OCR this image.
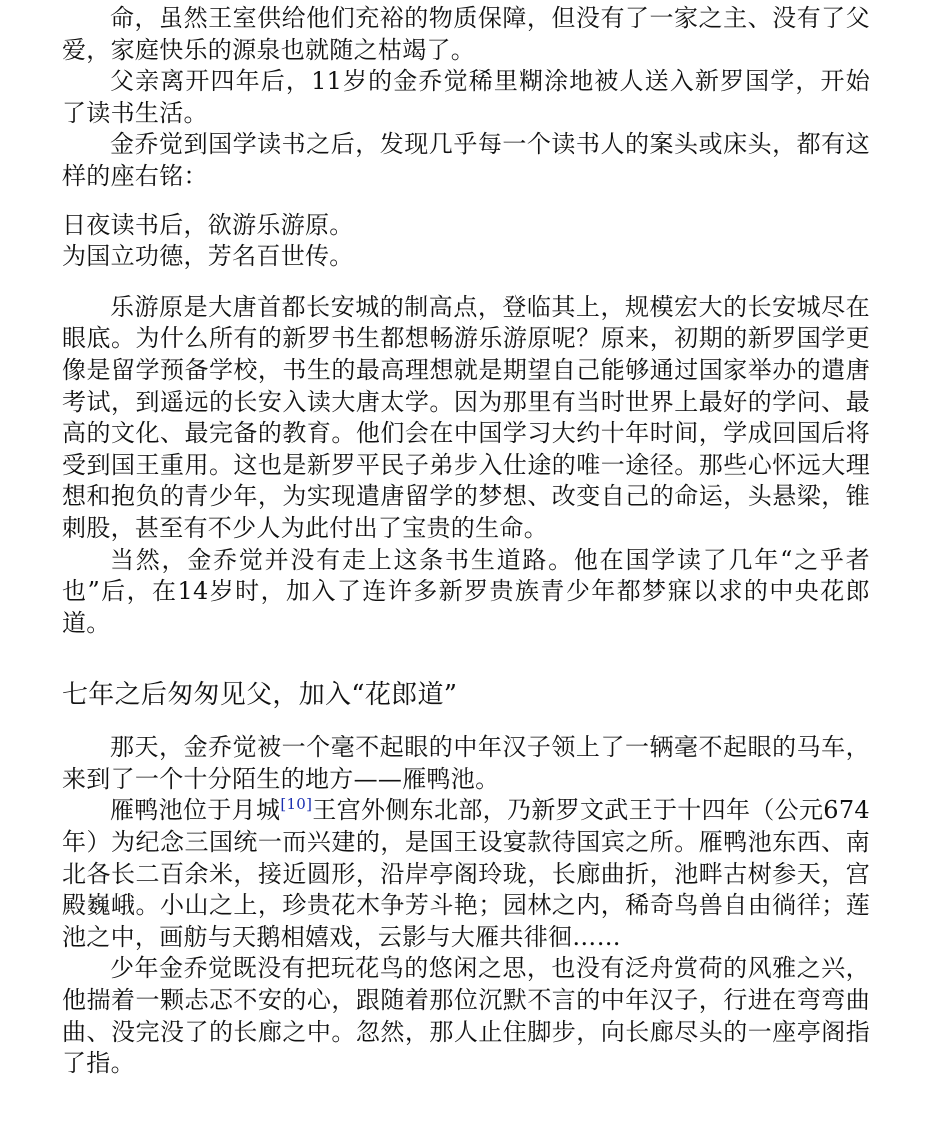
命，虽然王室供给他们充裕的物质保障，但没有了一家之主、没有了父爱，家庭快乐的源泉也就随之枯竭了。

父亲离开四年后，11岁的金乔觉稀里糊涂地被人送入新罗国学，开始了读书生活。

金乔觉到国学读书之后，发现几乎每一个读书人的案头或床头，都有这样的座右铭：

日夜读书后，欲游乐游原。
为国立功德，芳名百世传。

乐游原是大唐首都长安城的制高点，登临其上，规模宏大的长安城尽在眼底。为什么所有的新罗书生都想畅游乐游原呢？原来，初期的新罗国学更像是留学预备学校，书生的最高理想就是期望自己能够通过国家举办的遣唐考试，到遥远的长安入读大唐太学。因为那里有当时世界上最好的学问、最高的文化、最完备的教育。他们会在中国学习大约十年时间，学成回国后将受到国王重用。这也是新罗平民子弟步入仕途的唯一途径。那些心怀远大理想和抱负的青少年，为实现遣唐留学的梦想、改变自己的命运，头悬梁，锥刺股，甚至有不少人为此付出了宝贵的生命。

当然，金乔觉并没有走上这条书生道路。他在国学读了几年“之乎者也”后，在14岁时，加入了连许多新罗贵族青少年都梦寐以求的中央花郎道。

七年之后匆匆见父，加入“花郎道”

那天，金乔觉被一个毫不起眼的中年汉子领上了一辆毫不起眼的马车，来到了一个十分陌生的地方——雁鸭池。

雁鸭池位于月城[10]王宫外侧东北部，乃新罗文武王于十四年（公元674年）为纪念三国统一而兴建的，是国王设宴款待国宾之所。雁鸭池东西、南北各长二百余米，接近圆形，沿岸亭阁玲珑，长廊曲折，池畔古树参天，宫殿巍峨。小山之上，珍贵花木争芳斗艳；园林之内，稀奇鸟兽自由徜徉；莲池之中，画舫与天鹅相嬉戏，云影与大雁共徘徊……

少年金乔觉既没有把玩花鸟的悠闲之思，也没有泛舟赏荷的风雅之兴，他揣着一颗忐忑不安的心，跟随着那位沉默不言的中年汉子，行进在弯弯曲曲、没完没了的长廊之中。忽然，那人止住脚步，向长廊尽头的一座亭阁指了指。
